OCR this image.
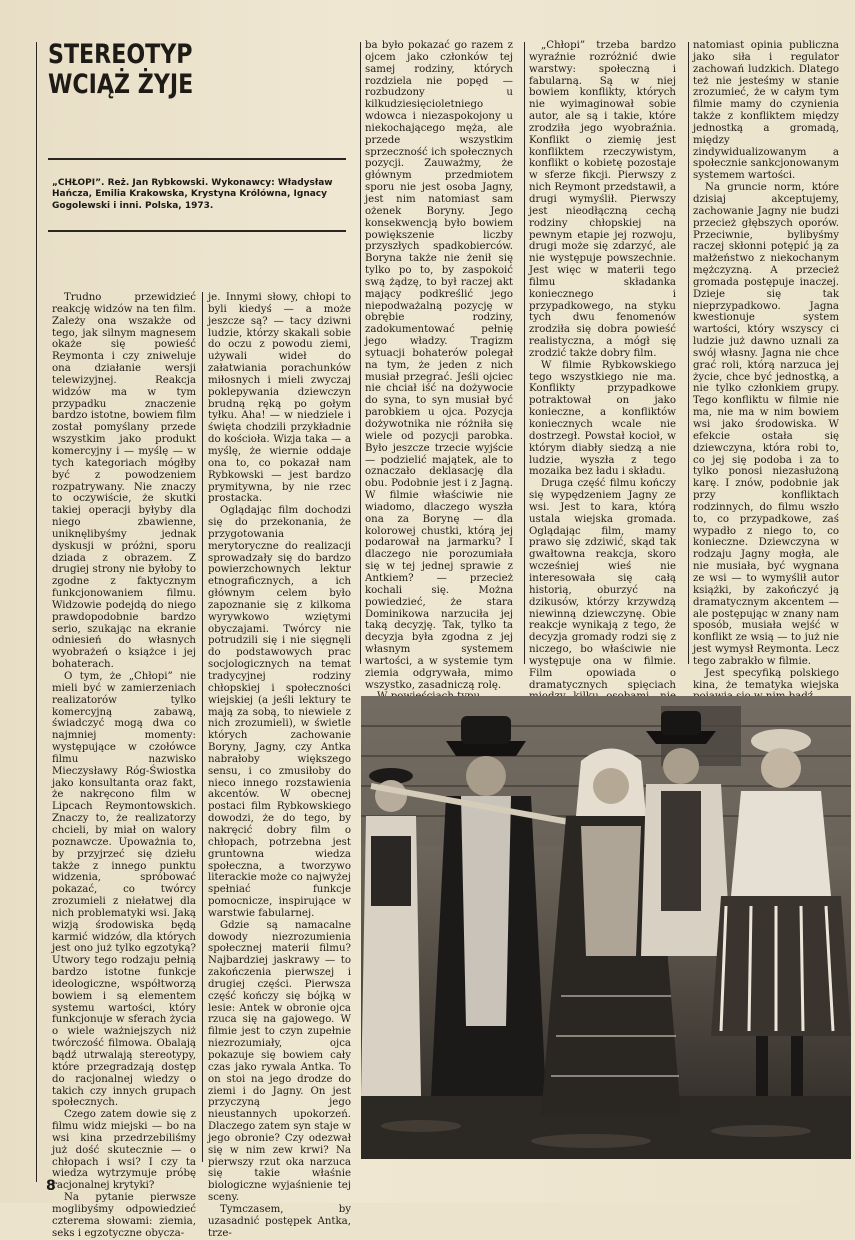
STEREOTYP
WCIĄŻ ŻYJE
„CHŁOPI”. Reż. Jan Rybkowski. Wykonawcy: Władysław Hańcza, Emilia Krakowska, Krystyna Królówna, Ignacy Gogolewski i inni. Polska, 1973.

Trudno przewidzieć reakcję widzów na ten film. Zależy ona wszakże od tego, jak silnym magnesem okaże się powieść Reymonta i czy zniweluje ona działanie wersji telewizyjnej. Reakcja widzów ma w tym przypadku znaczenie bardzo istotne, bowiem film został pomyślany przede wszystkim jako produkt komercyjny i — myślę — w tych kategoriach mógłby być z powodzeniem rozpatrywany. Nie znaczy to oczywiście, że skutki takiej operacji byłyby dla niego zbawienne, uniknęlibyśmy jednak dyskusji w próżni, sporu dziada z obrazem. Z drugiej strony nie byłoby to zgodne z faktycznym funkcjonowaniem filmu. Widzowie podejdą do niego prawdopodobnie bardzo serio, szukając na ekranie odniesień do własnych wyobrażeń o książce i jej bohaterach.

O tym, że „Chłopi” nie mieli być w zamierzeniach realizatorów tylko komercyjną zabawą, świadczyć mogą dwa co najmniej momenty: występujące w czołówce filmu nazwisko Mieczysławy Róg-Świostka jako konsultanta oraz fakt, że nakręcono film w Lipcach Reymontowskich. Znaczy to, że realizatorzy chcieli, by miał on walory poznawcze. Upoważnia to, by przyjrzeć się dziełu także z innego punktu widzenia, spróbować pokazać, co twórcy zrozumieli z niełatwej dla nich problematyki wsi. Jaką wizją środowiska będą karmić widzów, dla których jest ono już tylko egzotyką? Utwory tego rodzaju pełnią bardzo istotne funkcje ideologiczne, współtworzą bowiem i są elementem systemu wartości, który funkcjonuje w sferach życia o wiele ważniejszych niż twórczość filmowa. Obalają bądź utrwalają stereotypy, które przegradzają dostęp do racjonalnej wiedzy o takich czy innych grupach społecznych.

Czego zatem dowie się z filmu widz miejski — bo na wsi kina przedrzebiliśmy już dość skutecznie — o chłopach i wsi? I czy ta wiedza wytrzymuje próbę racjonalnej krytyki?

Na pytanie pierwsze moglibyśmy odpowiedzieć czterema słowami: ziemia, seks i egzotyczne obycza-

je. Innymi słowy, chłopi to byli kiedyś — a może jeszcze są? — tacy dziwni ludzie, którzy skakali sobie do oczu z powodu ziemi, używali wideł do załatwiania porachunków miłosnych i mieli zwyczaj poklepywania dziewczyn brudną ręką po gołym tyłku. Aha! — w niedziele i święta chodzili przykładnie do kościoła. Wizja taka — a myślę, że wiernie oddaje ona to, co pokazał nam Rybkowski — jest bardzo prymitywna, by nie rzec prostacka.

Oglądając film dochodzi się do przekonania, że przygotowania merytoryczne do realizacji sprowadzały się do bardzo powierzchownych lektur etnograficznych, a ich głównym celem było zapoznanie się z kilkoma wyrywkowo wziętymi obyczajami. Twórcy nie potrudzili się i nie sięgnęli do podstawowych prac socjologicznych na temat tradycyjnej rodziny chłopskiej i społeczności wiejskiej (a jeśli lektury te mają za sobą, to niewiele z nich zrozumieli), w świetle których zachowanie Boryny, Jagny, czy Antka nabrałoby większego sensu, i co zmusiłoby do nieco innego rozstawienia akcentów. W obecnej postaci film Rybkowskiego dowodzi, że do tego, by nakręcić dobry film o chłopach, potrzebna jest gruntowna wiedza społeczna, a tworzywo literackie może co najwyżej spełniać funkcje pomocnicze, inspirujące w warstwie fabularnej.

Gdzie są namacalne dowody niezrozumienia społecznej materii filmu? Najbardziej jaskrawy — to zakończenia pierwszej i drugiej części. Pierwsza część kończy się bójką w lesie: Antek w obronie ojca rzuca się na gajowego. W filmie jest to czyn zupełnie niezrozumiały, ojca pokazuje się bowiem cały czas jako rywala Antka. To on stoi na jego drodze do ziemi i do Jagny. On jest przyczyną jego nieustannych upokorzeń. Dlaczego zatem syn staje w jego obronie? Czy odezwał się w nim zew krwi? Na pierwszy rzut oka narzuca się takie właśnie biologiczne wyjaśnienie tej sceny.

Tymczasem, by uzasadnić postępek Antka, trze-

ba było pokazać go razem z ojcem jako członków tej samej rodziny, których rozdziela nie popęd — rozbudzony u kilkudziesięcioletniego wdowca i niezaspokojony u niekochającego męża, ale przede wszystkim sprzeczność ich społecznych pozycji. Zauważmy, że głównym przedmiotem sporu nie jest osoba Jagny, jest nim natomiast sam ożenek Boryny. Jego konsekwencją było bowiem powiększenie liczby przyszłych spadkobierców. Boryna także nie żenił się tylko po to, by zaspokoić swą żądzę, to był raczej akt mający podkreślić jego niepodważalną pozycję w obrębie rodziny, zadokumentować pełnię jego władzy. Tragizm sytuacji bohaterów polegał na tym, że jeden z nich musiał przegrać. Jeśli ojciec nie chciał iść na dożywocie do syna, to syn musiał być parobkiem u ojca. Pozycja dożywotnika nie różniła się wiele od pozycji parobka. Było jeszcze trzecie wyjście — podzielić majątek, ale to oznaczało deklasację dla obu. Podobnie jest i z Jagną. W filmie właściwie nie wiadomo, dlaczego wyszła ona za Borynę — dla kolorowej chustki, którą jej podarował na jarmarku? I dlaczego nie porozumiała się w tej jednej sprawie z Antkiem? — przecież kochali się. Można powiedzieć, że stara Dominikowa narzuciła jej taką decyzję. Tak, tylko ta decyzja była zgodna z jej własnym systemem wartości, a w systemie tym ziemia odgrywała, mimo wszystko, zasadniczą rolę.

„Chłopi” trzeba bardzo wyraźnie rozróżnić dwie warstwy: społeczną i fabularną. Są w niej bowiem konflikty, których nie wyimaginował sobie autor, ale są i takie, które zrodziła jego wyobraźnia. Konflikt o ziemię jest konfliktem rzeczywistym, konflikt o kobietę pozostaje w sferze fikcji. Pierwszy z nich Reymont przedstawił, a drugi wymyślił. Pierwszy jest nieodłączną cechą rodziny chłopskiej na pewnym etapie jej rozwoju, drugi może się zdarzyć, ale nie występuje powszechnie. Jest więc w materii tego filmu składanka koniecznego i przypadkowego, na styku tych dwu fenomenów zrodziła się dobra powieść realistyczna, a mógł się zrodzić także dobry film.

W filmie Rybkowskiego tego wszystkiego nie ma. Konflikty przypadkowe potraktował on jako konieczne, a konfliktów koniecznych wcale nie dostrzegł. Powstał kocioł, w którym diabły siedzą a nie ludzie, wyszła z tego mozaika bez ładu i składu.

Druga część filmu kończy się wypędzeniem Jagny ze wsi. Jest to kara, którą ustala wiejska gromada. Oglądając film, mamy prawo się zdziwić, skąd tak gwałtowna reakcja, skoro wcześniej wieś nie interesowała się całą historią, oburzyć na dzikusów, którzy krzywdzą niewinną dziewczynę. Obie reakcje wynikają z tego, że decyzja gromady rodzi się z niczego, bo właściwie nie występuje ona w filmie. Film opowiada o dramatycznych spięciach

natomiast opinia publiczna jako siła i regulator zachowań ludzkich. Dlatego też nie jesteśmy w stanie zrozumieć, że w całym tym filmie mamy do czynienia także z konfliktem między jednostką a gromadą, między zindywidualizowanym a społecznie sankcjonowanym systemem wartości.

Na gruncie norm, które dzisiaj akceptujemy, zachowanie Jagny nie budzi przecież głębszych oporów. Przeciwnie, bylibyśmy raczej skłonni potępić ją za małżeństwo z niekochanym mężczyzną. A przecież gromada postępuje inaczej. Dzieje się tak nieprzypadkowo. Jagna kwestionuje system wartości, który wszyscy ci ludzie już dawno uznali za swój własny. Jagna nie chce grać roli, którą narzuca jej życie, chce być jednostką, a nie tylko członkiem grupy. Tego konfliktu w filmie nie ma, nie ma w nim bowiem wsi jako środowiska. W efekcie ostała się dziewczyna, która robi to, co jej się podoba i za to tylko ponosi niezasłużoną karę. I znów, podobnie jak przy konfliktach rodzinnych, do filmu wszło to, co przypadkowe, zaś wypadło z niego to, co konieczne. Dziewczyna w rodzaju Jagny mogła, ale nie musiała, być wygnana ze wsi — to wymyślił autor książki, by zakończyć ją dramatycznym akcentem — ale postępując w znany nam sposób, musiała wejść w konflikt ze wsią — to już nie jest wymysł Reymonta. Lecz tego zabrakło w filmie.

Jest specyfiką polskiego kina, że tematyka wiejska

8
